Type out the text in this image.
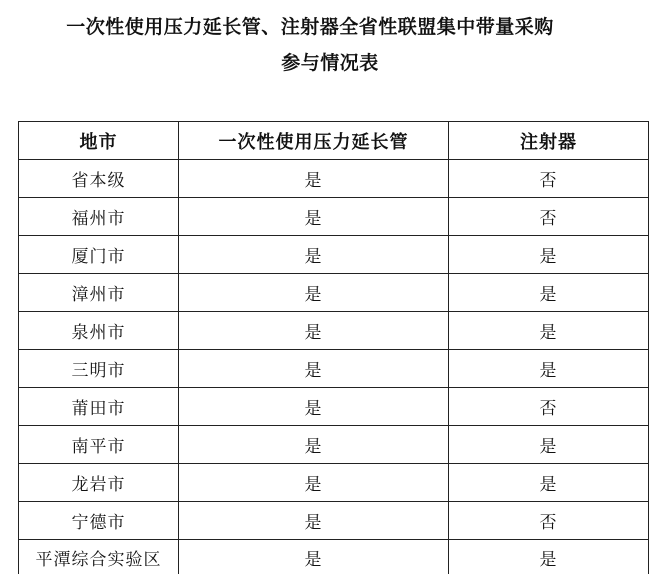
一次性使用压力延长管、注射器全省性联盟集中带量采购
参与情况表
地市	一次性使用压力延长管	注射器
省本级	是	否
福州市	是	否
厦门市	是	是
漳州市	是	是
泉州市	是	是
三明市	是	是
莆田市	是	否
南平市	是	是
龙岩市	是	是
宁德市	是	否
平潭综合实验区	是	是
